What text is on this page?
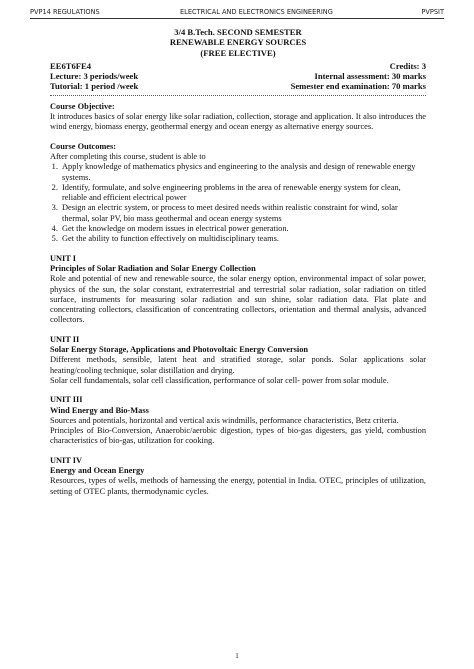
PVP14 REGULATIONS	ELECTRICAL AND ELECTRONICS ENGINEERING	PVPSIT
3/4 B.Tech. SECOND SEMESTER
RENEWABLE ENERGY SOURCES
(FREE ELECTIVE)
EE6T6FE4	Credits: 3
Lecture: 3 periods/week	Internal assessment: 30 marks
Tutorial: 1 period /week	Semester end examination: 70 marks
Course Objective:

It introduces basics of solar energy like solar radiation, collection, storage and application. It also introduces the wind energy, biomass energy, geothermal energy and ocean energy as alternative energy sources.

Course Outcomes:

After completing this course, student is able to

1. Apply knowledge of mathematics physics and engineering to the analysis and design of renewable energy systems.
2. Identify, formulate, and solve engineering problems in the area of renewable energy system for clean, reliable and efficient electrical power
3. Design an electric system, or process to meet desired needs within realistic constraint for wind, solar thermal, solar PV, bio mass geothermal and ocean energy systems
4. Get the knowledge on modern issues in electrical power generation.
5. Get the ability to function effectively on multidisciplinary teams.
UNIT I
Principles of Solar Radiation and Solar Energy Collection

Role and potential of new and renewable source, the solar energy option, environmental impact of solar power, physics of the sun, the solar constant, extraterrestrial and terrestrial solar radiation, solar radiation on titled surface, instruments for measuring solar radiation and sun shine, solar radiation data. Flat plate and concentrating collectors, classification of concentrating collectors, orientation and thermal analysis, advanced collectors.

UNIT II
Solar Energy Storage, Applications and Photovoltaic Energy Conversion

Different methods, sensible, latent heat and stratified storage, solar ponds. Solar applications solar heating/cooling technique, solar distillation and drying.

Solar cell fundamentals, solar cell classification, performance of solar cell- power from solar module.

UNIT III
Wind Energy and Bio-Mass

Sources and potentials, horizontal and vertical axis windmills, performance characteristics, Betz criteria.

Principles of Bio-Conversion, Anaerobic/aerobic digestion, types of bio-gas digesters, gas yield, combustion characteristics of bio-gas, utilization for cooking.

UNIT IV
Energy and Ocean Energy

Resources, types of wells, methods of harnessing the energy, potential in India. OTEC, principles of utilization, setting of OTEC plants, thermodynamic cycles.

1
